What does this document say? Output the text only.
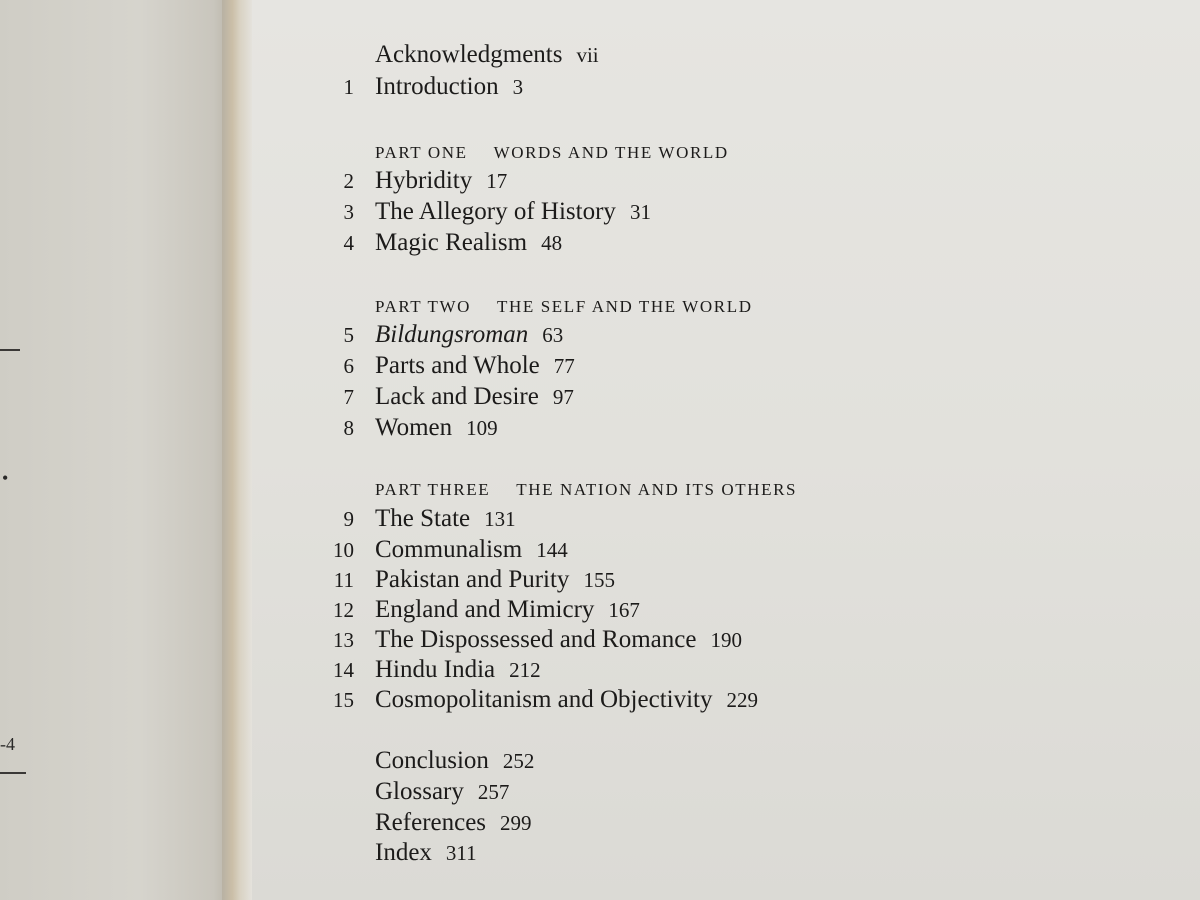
•
-4
Acknowledgments vii
1 Introduction 3
PART ONE WORDS AND THE WORLD
2 Hybridity 17
3 The Allegory of History 31
4 Magic Realism 48
PART TWO THE SELF AND THE WORLD
5 Bildungsroman 63
6 Parts and Whole 77
7 Lack and Desire 97
8 Women 109
PART THREE THE NATION AND ITS OTHERS
9 The State 131
10 Communalism 144
11 Pakistan and Purity 155
12 England and Mimicry 167
13 The Dispossessed and Romance 190
14 Hindu India 212
15 Cosmopolitanism and Objectivity 229
Conclusion 252
Glossary 257
References 299
Index 311
